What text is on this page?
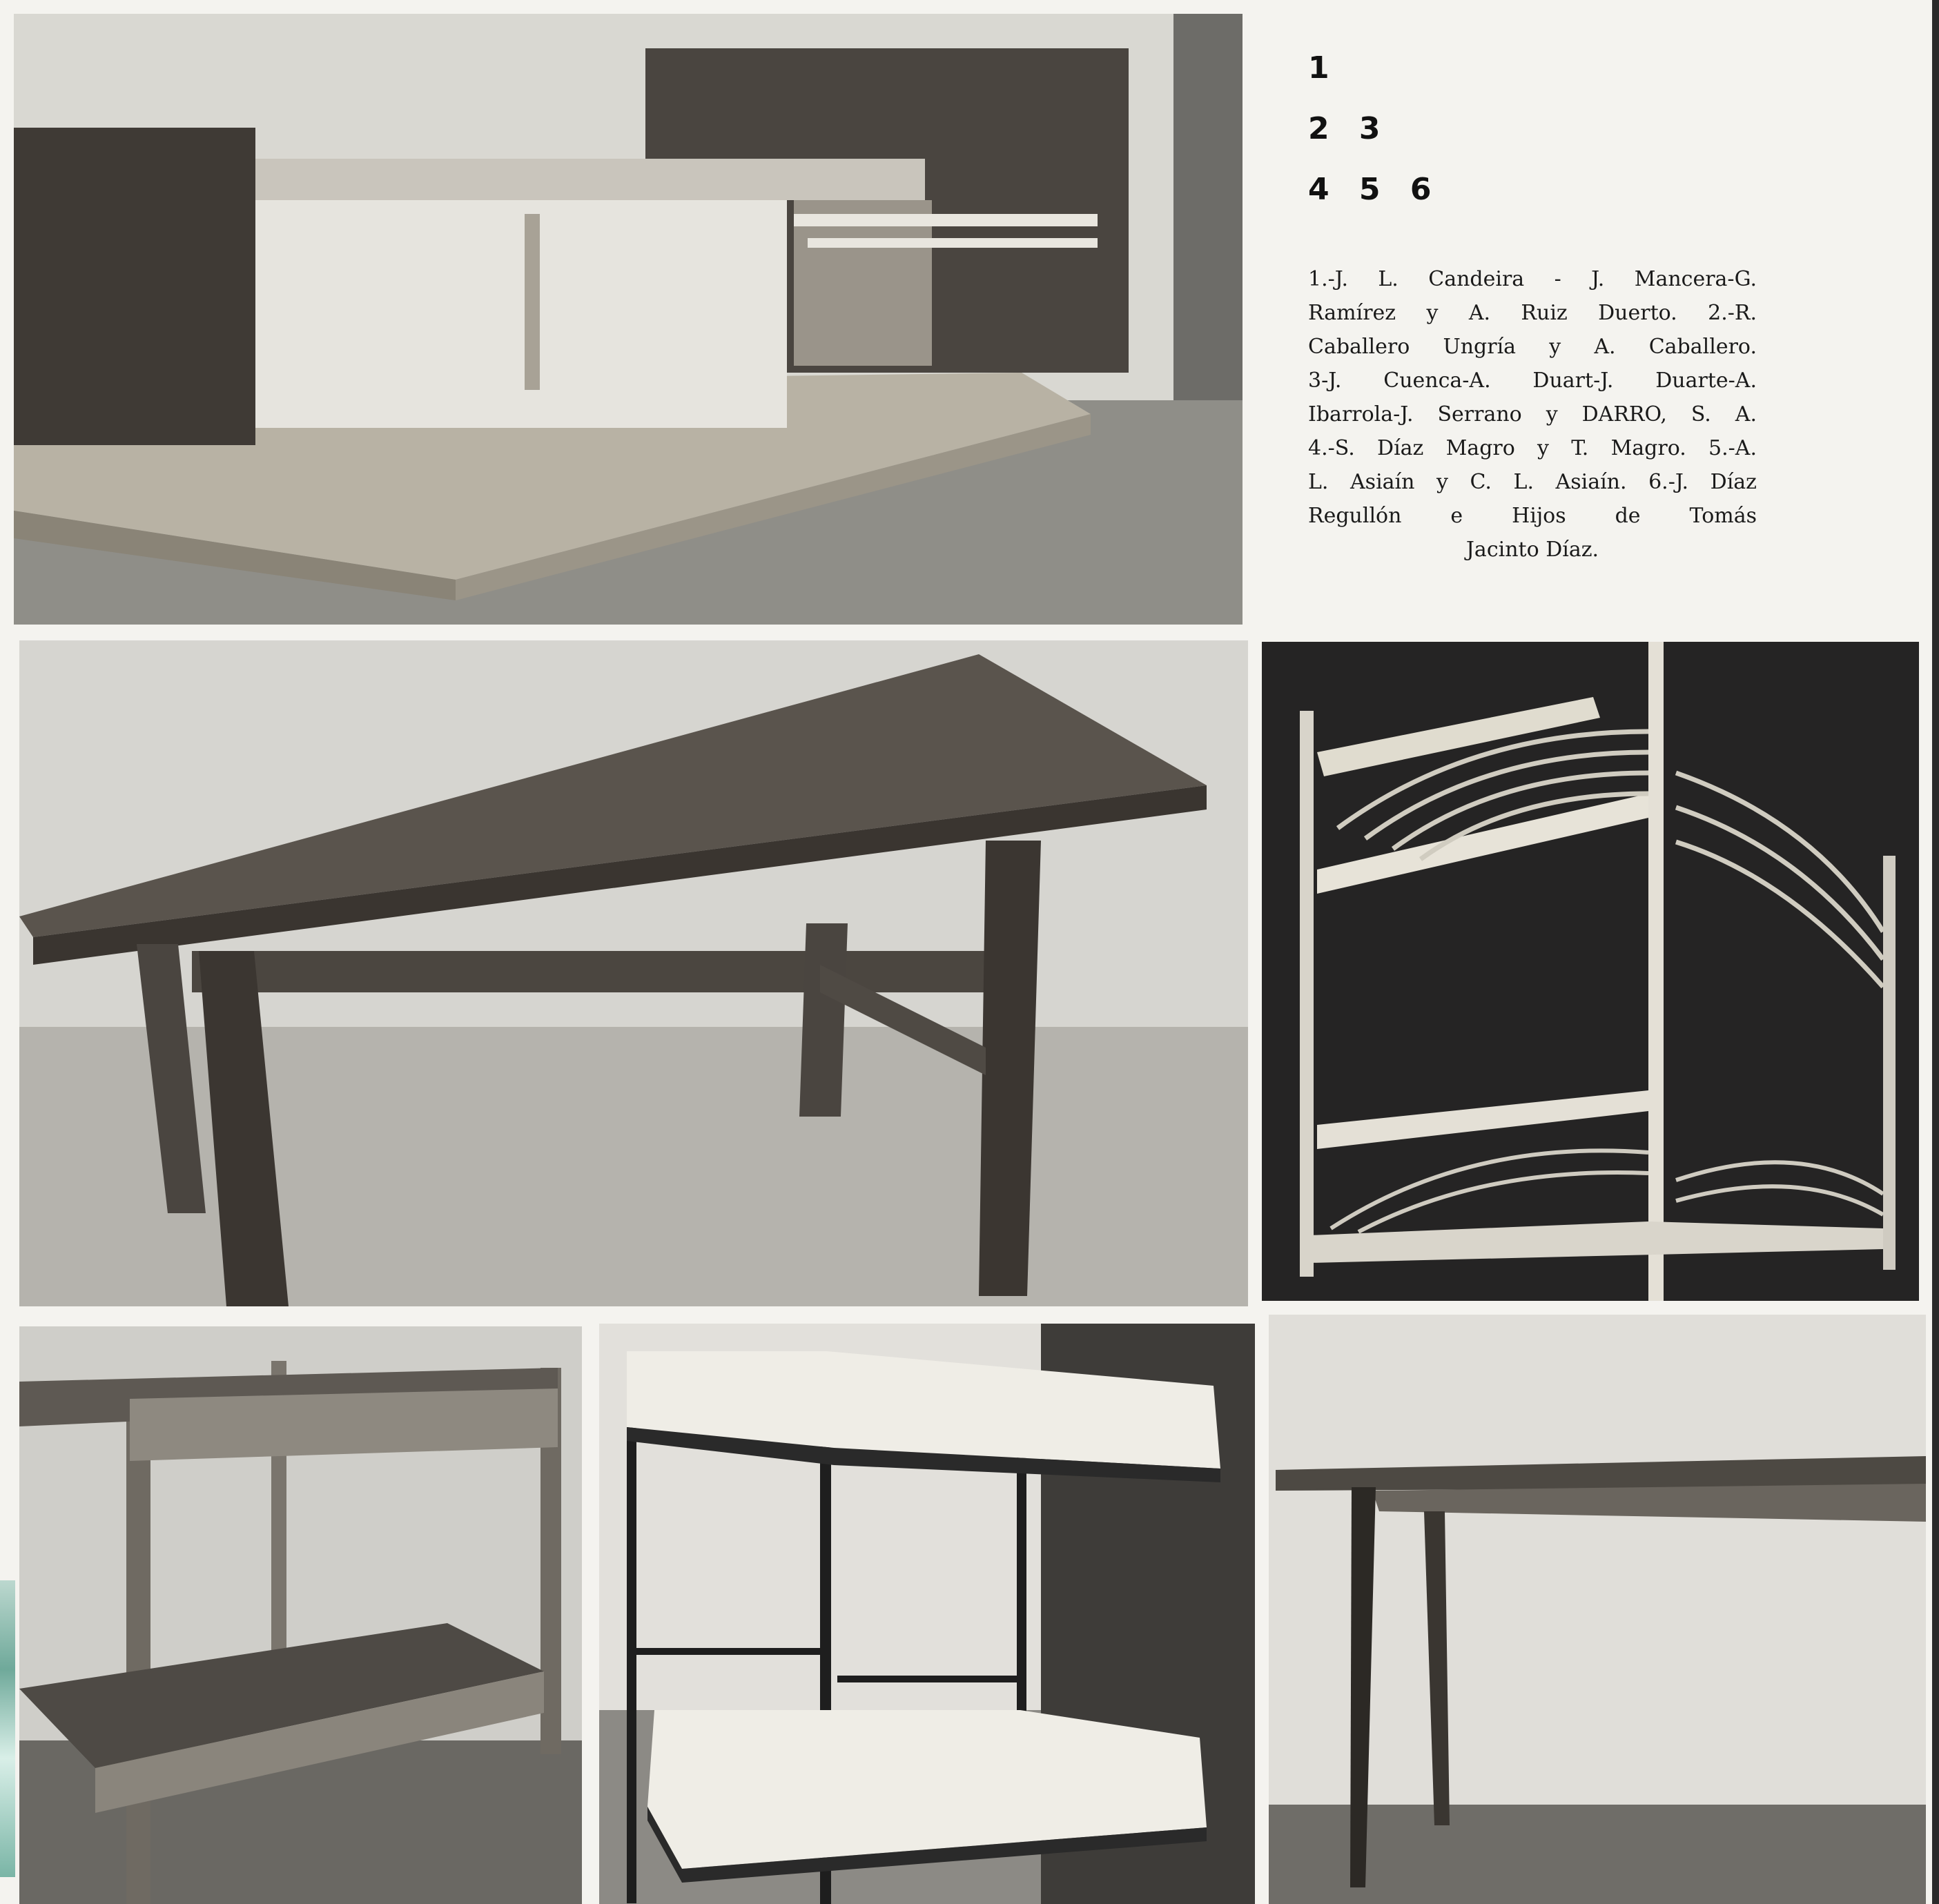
1
2 3
4 5 6
1.-J. L. Candeira - J. Mancera-G.
Ramírez y A. Ruiz Duerto. 2.-R.
Caballero Ungría y A. Caballero.
3-J. Cuenca-A. Duart-J. Duarte-A.
Ibarrola-J. Serrano y DARRO, S. A.
4.-S. Díaz Magro y T. Magro. 5.-A.
L. Asiaín y C. L. Asiaín. 6.-J. Díaz
Regullón e Hijos de Tomás
Jacinto Díaz.
